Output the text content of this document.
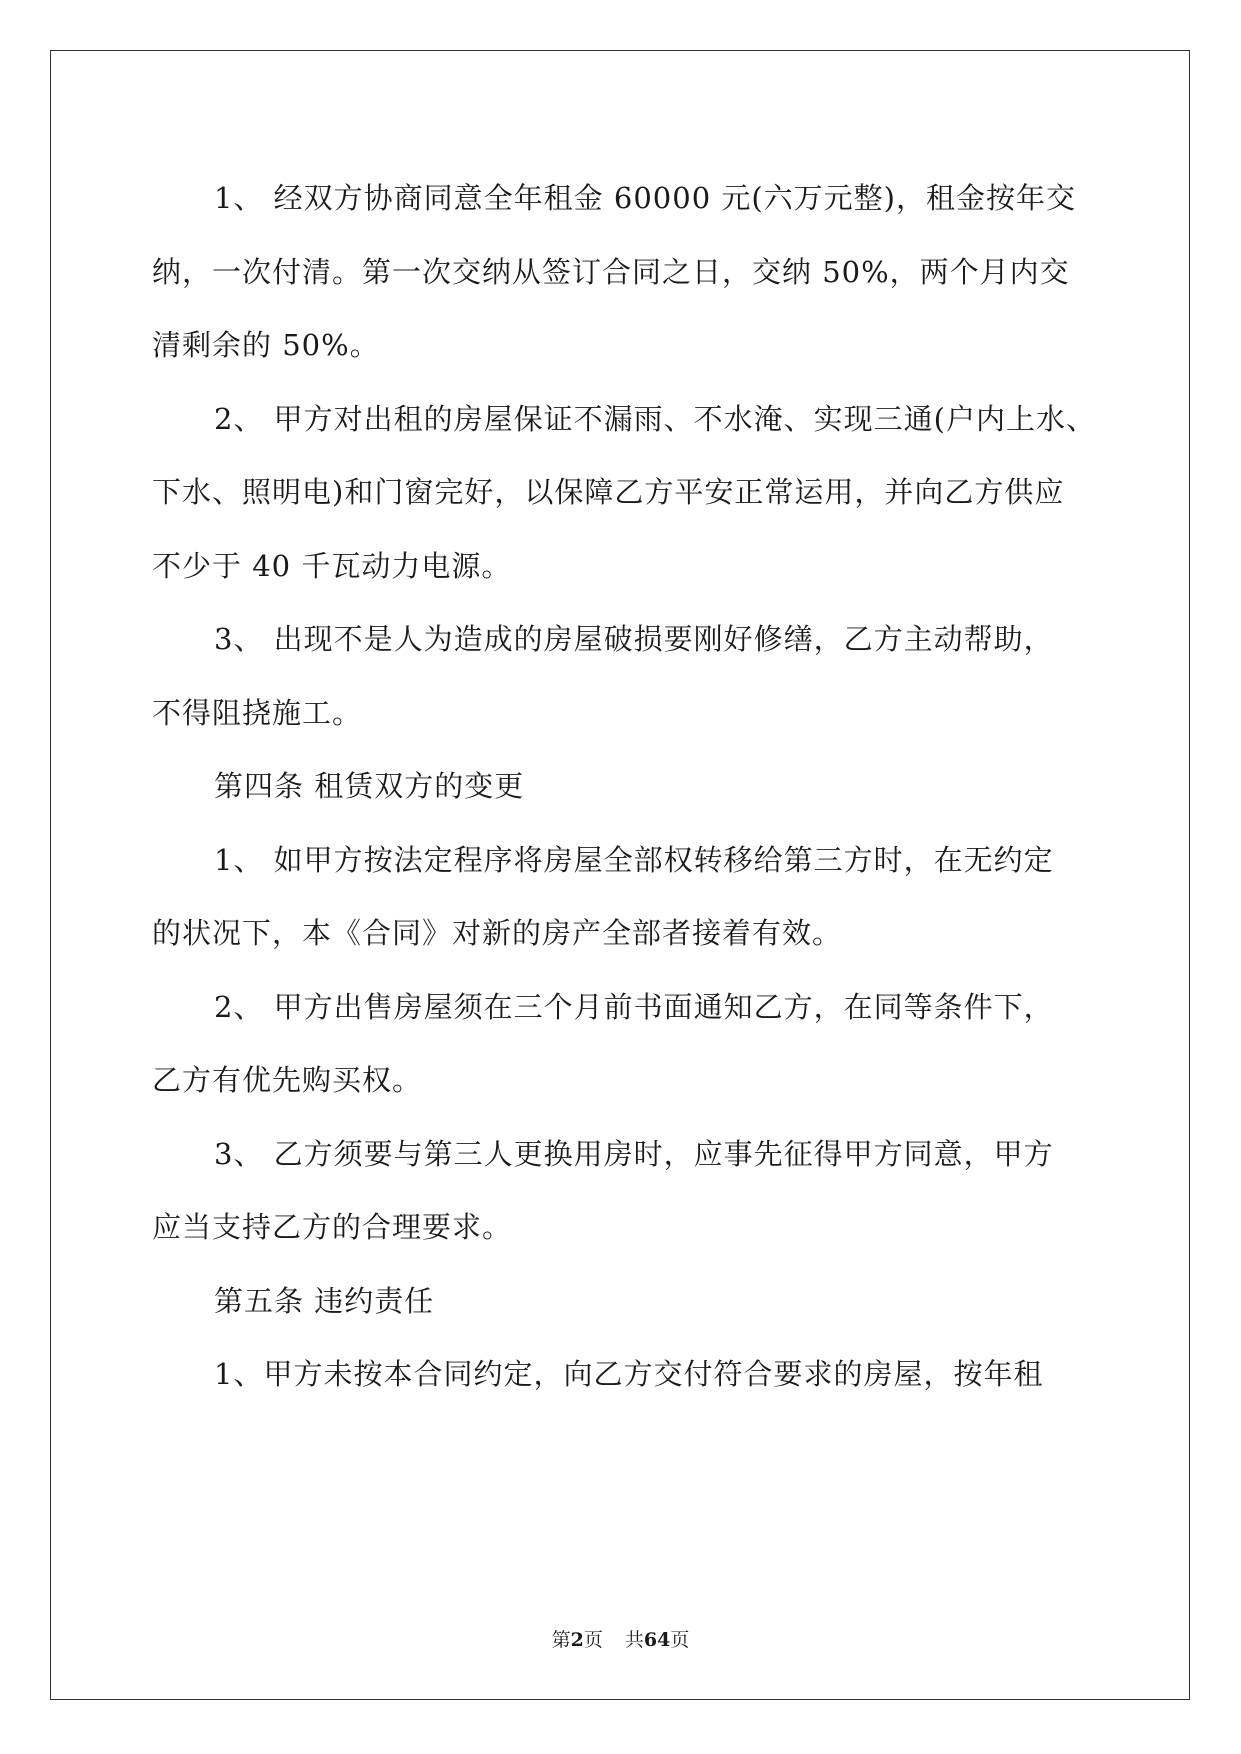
1、 经双方协商同意全年租金 60000 元(六万元整)，租金按年交
纳，一次付清。第一次交纳从签订合同之日，交纳 50%，两个月内交
清剩余的 50%。

2、 甲方对出租的房屋保证不漏雨、不水淹、实现三通(户内上水、
下水、照明电)和门窗完好，以保障乙方平安正常运用，并向乙方供应
不少于 40 千瓦动力电源。

3、 出现不是人为造成的房屋破损要刚好修缮，乙方主动帮助，
不得阻挠施工。

第四条 租赁双方的变更

1、 如甲方按法定程序将房屋全部权转移给第三方时，在无约定
的状况下，本《合同》对新的房产全部者接着有效。

2、 甲方出售房屋须在三个月前书面通知乙方，在同等条件下，
乙方有优先购买权。

3、 乙方须要与第三人更换用房时，应事先征得甲方同意，甲方
应当支持乙方的合理要求。

第五条 违约责任

1、甲方未按本合同约定，向乙方交付符合要求的房屋，按年租

第2页 共64页
